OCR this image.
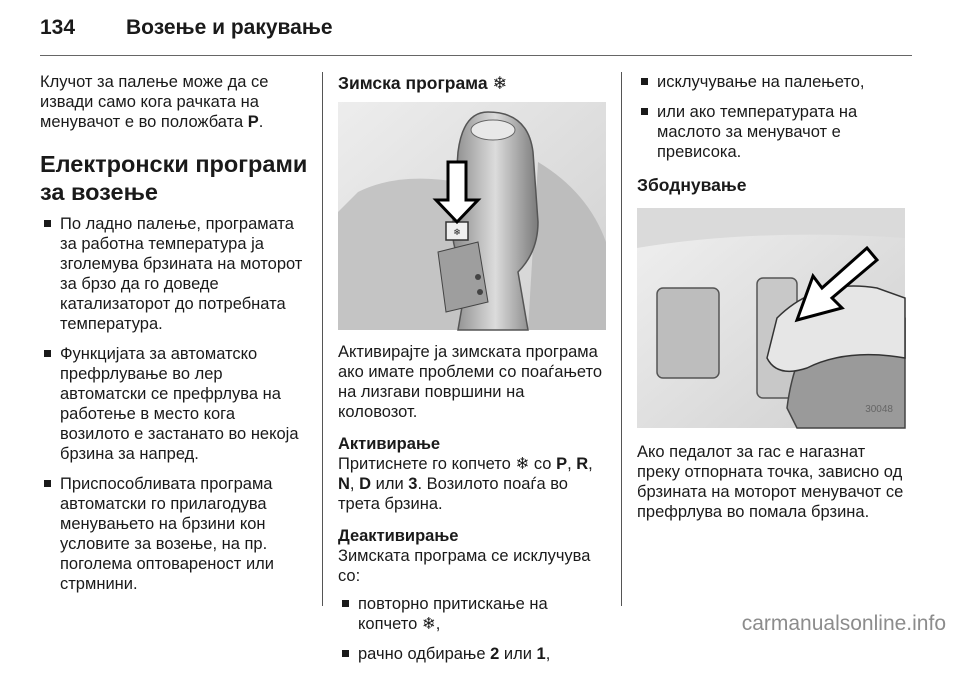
134 Возење и ракување

Клучот за палење може да се извади само кога рачката на менувачот е во положбата P.

Електронски програми за возење
По ладно палење, програмата за работна температура ја зголемува брзината на моторот за брзо да го доведе катализаторот до потребната температура.
Функцијата за автоматско префрлување во лер автоматски се префрлува на работење в место кога возилото е застанато во некоја брзина за напред.
Приспособливата програма автоматски го прилагодува менувањето на брзини кон условите за возење, на пр. поголема оптовареност или стрмнини.
Зимска програма ❄
❄

Активирајте ја зимската програма ако имате проблеми со поаѓањето на лизгави површини на коловозот.

Активирање

Притиснете го копчето ❄ со P, R, N, D или 3. Возилото поаѓа во трета брзина.

Деактивирање

Зимската програма се исклучува со:

повторно притискање на копчето ❄,
рачно одбирање 2 или 1,
исклучување на палењето,
или ако температурата на маслото за менувачот е превисока.
Збоднување
30048

Ако педалот за гас е нагазнат преку отпорната точка, зависно од брзината на моторот менувачот се префрлува во помала брзина.

carmanualsonline.info
